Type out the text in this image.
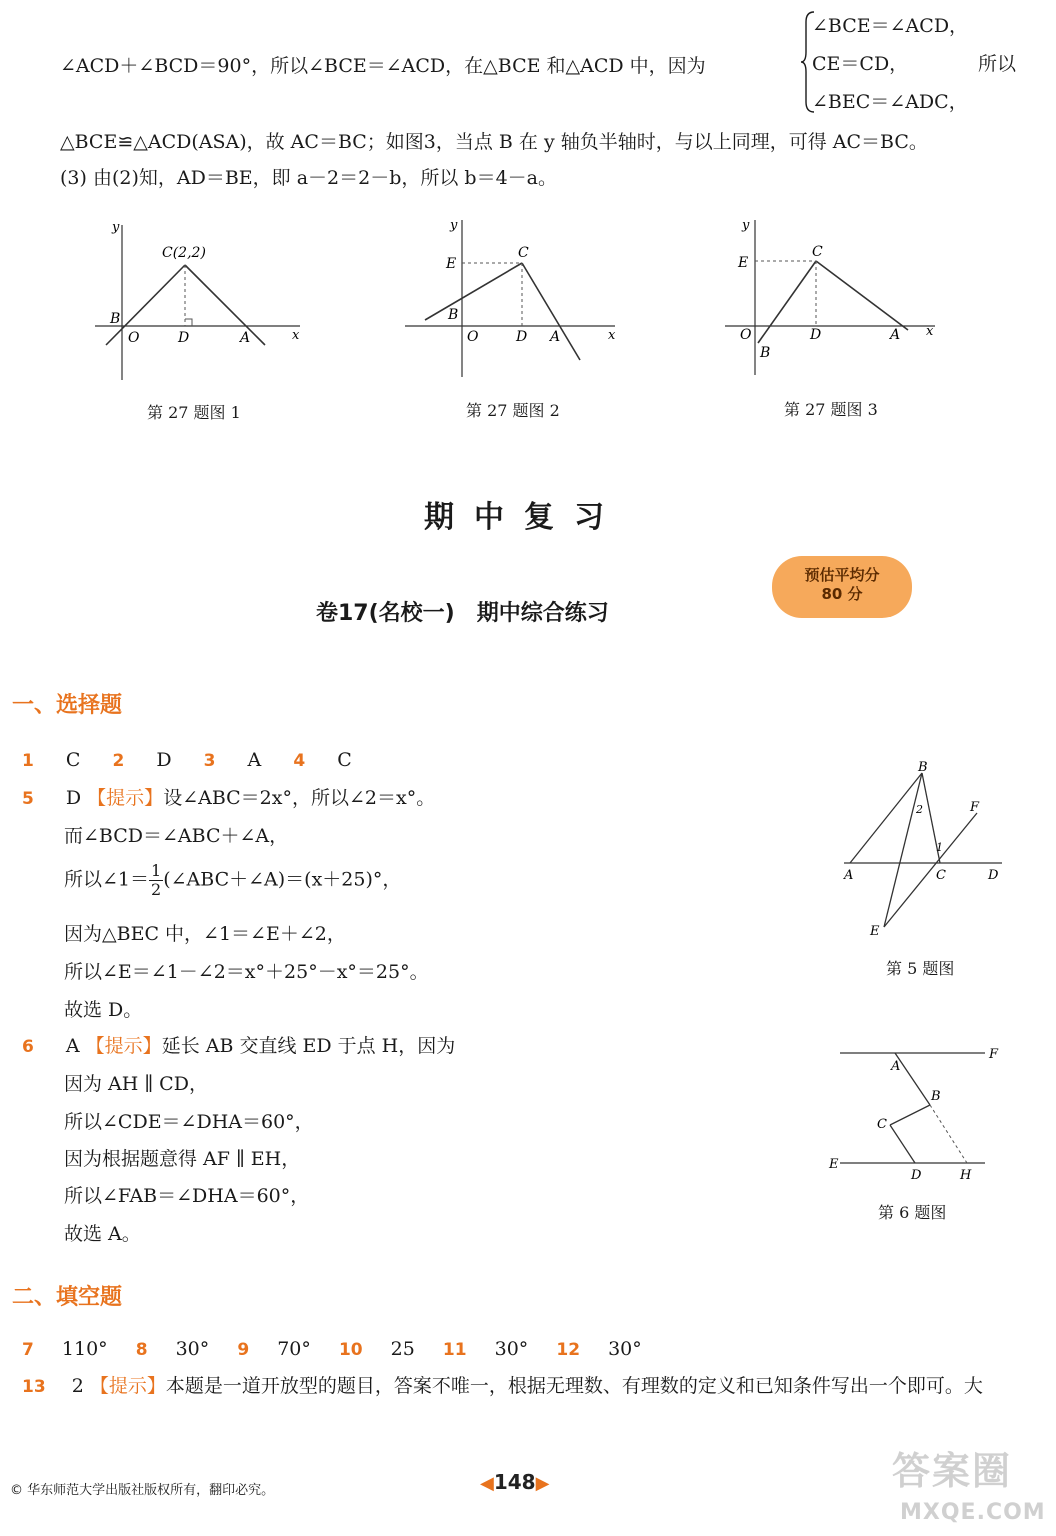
∠ACD＋∠BCD＝90°，所以∠BCE＝∠ACD，在△BCE 和△ACD 中，因为
∠BCE＝∠ACD，
CE＝CD，
∠BEC＝∠ADC，
所以
△BCE≌△ACD(ASA)，故 AC＝BC；如图3，当点 B 在 y 轴负半轴时，与以上同理，可得 AC＝BC。
(3) 由(2)知，AD＝BE，即 a－2＝2－b，所以 b＝4－a。
y
x
O
B
D	A
C(2,2)
第 27 题图 1
y
x
O
B
D A
C
E
第 27 题图 2
y
x
O
B
D	A
C
E
第 27 题图 3
期中复习
卷17(名校一)　期中综合练习
预估平均分
80 分
一、选择题
1 C 2 D 3 A 4 C
5 D 【提示】设∠ABC＝2x°，所以∠2＝x°。
而∠BCD＝∠ABC＋∠A，
所以∠1＝ $\frac{1}{2}$ (∠ABC＋∠A)＝(x＋25)°，
因为△BEC 中，∠1＝∠E＋∠2，
所以∠E＝∠1－∠2＝x°＋25°－x°＝25°。
故选 D。
B
F
A	C	D
E
1
2
第 5 题图
6 A 【提示】延长 AB 交直线 ED 于点 H，因为
因为 AH ∥ CD，
所以∠CDE＝∠DHA＝60°，
因为根据题意得 AF ∥ EH，
所以∠FAB＝∠DHA＝60°，
故选 A。
F
A
B
C
E
D	H
第 6 题图
二、填空题
7 110° 8 30° 9 70° 10 25 11 30° 12 30°
13 2 【提示】本题是一道开放型的题目，答案不唯一，根据无理数、有理数的定义和已知条件写出一个即可。大
© 华东师范大学出版社版权所有，翻印必究。	◀148▶	答案圈
MXQE.COM
